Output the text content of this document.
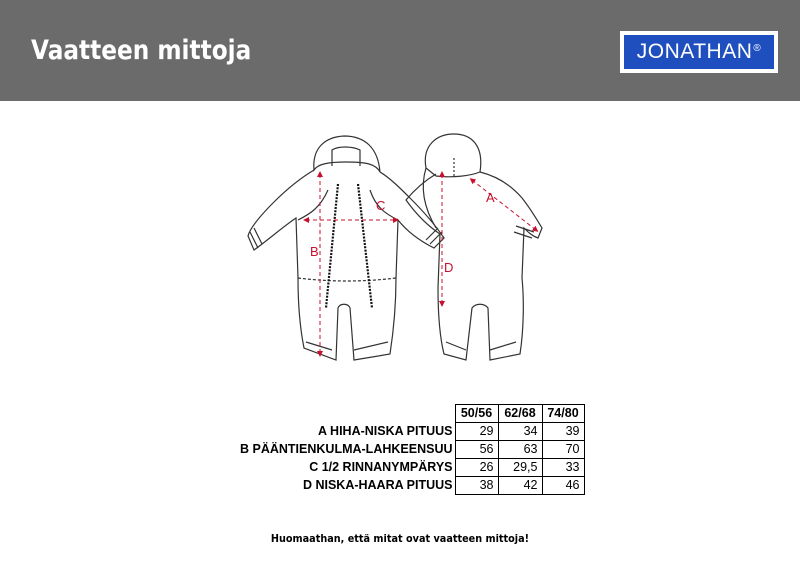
Vaatteen mittoja	JONATHAN®
A
B
C
D
	50/56	62/68	74/80
A HIHA-NISKA PITUUS	29	34	39
B PÄÄNTIENKULMA-LAHKEENSUU	56	63	70
C 1/2 RINNANYMPÄRYS	26	29,5	33
D NISKA-HAARA PITUUS	38	42	46
Huomaathan, että mitat ovat vaatteen mittoja!
